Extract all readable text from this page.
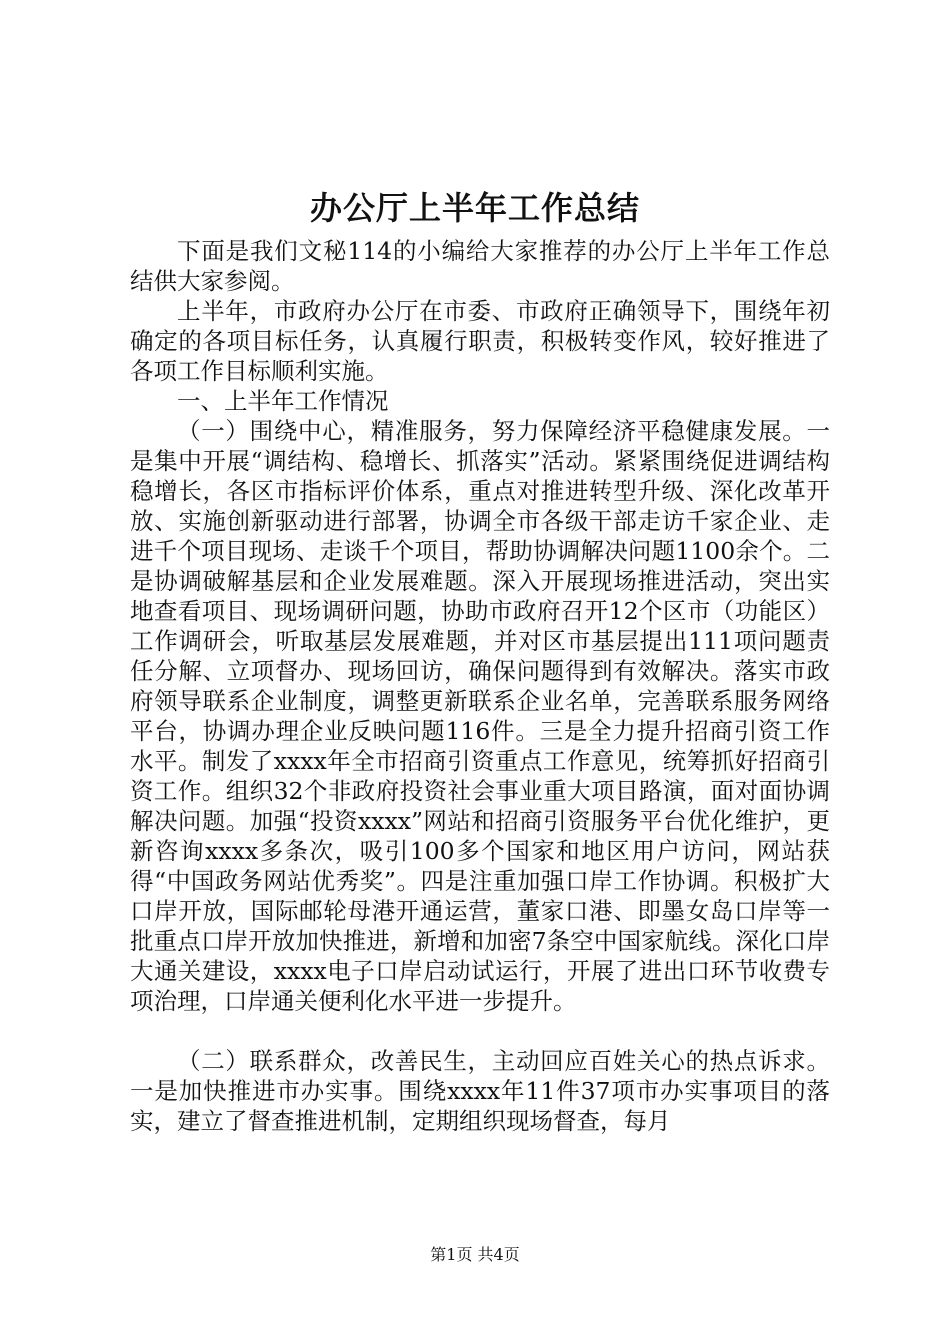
办公厅上半年工作总结

下面是我们文秘114的小编给大家推荐的办公厅上半年工作总结供大家参阅。

上半年，市政府办公厅在市委、市政府正确领导下，围绕年初确定的各项目标任务，认真履行职责，积极转变作风，较好推进了各项工作目标顺利实施。

一、上半年工作情况

（一）围绕中心，精准服务，努力保障经济平稳健康发展。一是集中开展“调结构、稳增长、抓落实”活动。紧紧围绕促进调结构稳增长，各区市指标评价体系，重点对推进转型升级、深化改革开放、实施创新驱动进行部署，协调全市各级干部走访千家企业、走进千个项目现场、走谈千个项目，帮助协调解决问题1100余个。二是协调破解基层和企业发展难题。深入开展现场推进活动，突出实地查看项目、现场调研问题，协助市政府召开12个区市（功能区）工作调研会，听取基层发展难题，并对区市基层提出111项问题责任分解、立项督办、现场回访，确保问题得到有效解决。落实市政府领导联系企业制度，调整更新联系企业名单，完善联系服务网络平台，协调办理企业反映问题116件。三是全力提升招商引资工作水平。制发了xxxx年全市招商引资重点工作意见，统筹抓好招商引资工作。组织32个非政府投资社会事业重大项目路演，面对面协调解决问题。加强“投资xxxx”网站和招商引资服务平台优化维护，更新咨询xxxx多条次，吸引100多个国家和地区用户访问，网站获得“中国政务网站优秀奖”。四是注重加强口岸工作协调。积极扩大口岸开放，国际邮轮母港开通运营，董家口港、即墨女岛口岸等一批重点口岸开放加快推进，新增和加密7条空中国家航线。深化口岸大通关建设，xxxx电子口岸启动试运行，开展了进出口环节收费专项治理，口岸通关便利化水平进一步提升。

（二）联系群众，改善民生，主动回应百姓关心的热点诉求。一是加快推进市办实事。围绕xxxx年11件37项市办实事项目的落实，建立了督查推进机制，定期组织现场督查，每月

第1页 共4页
